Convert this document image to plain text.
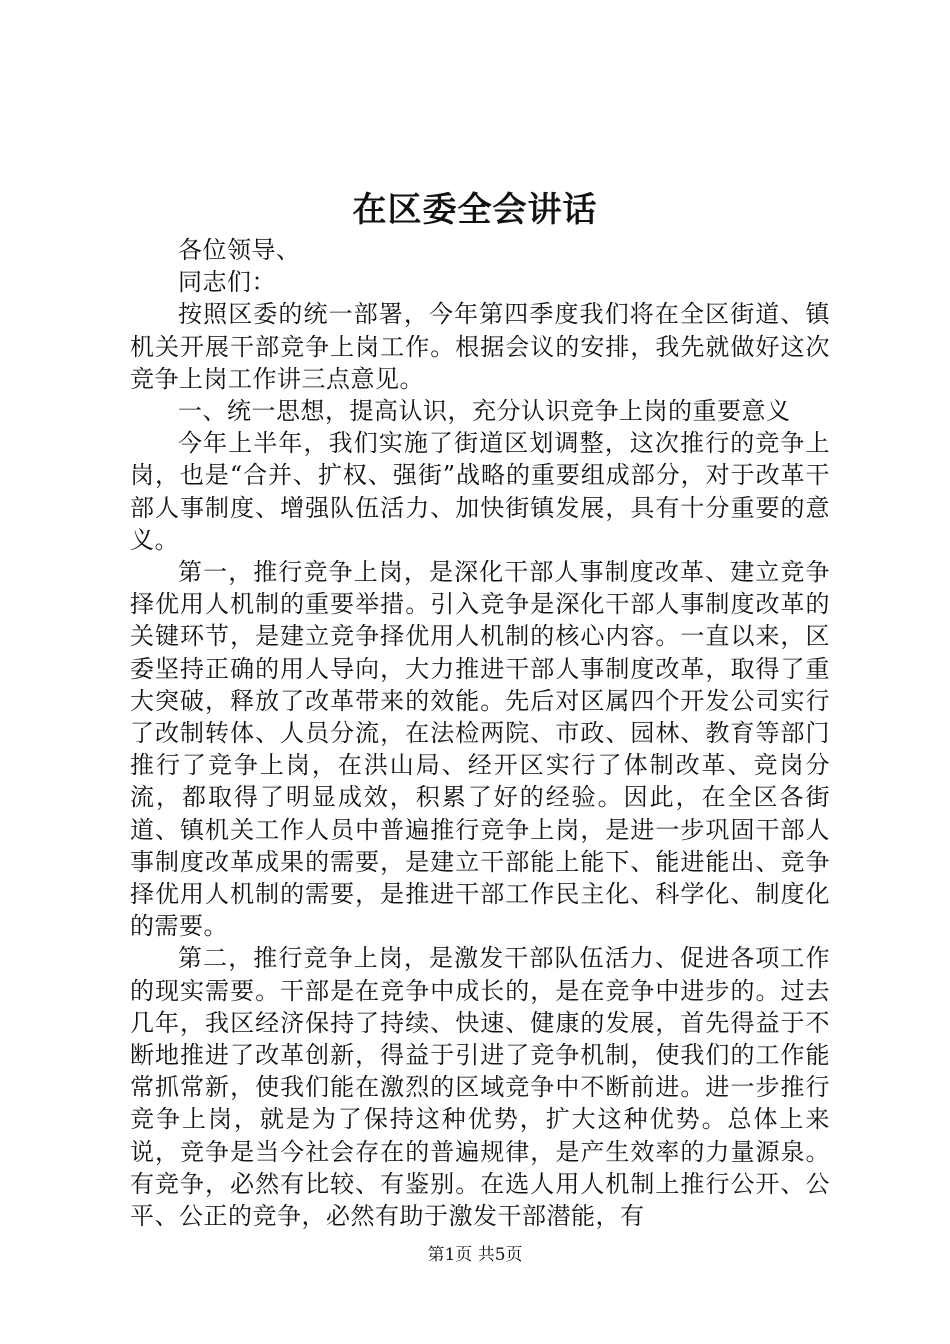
在区委全会讲话

各位领导、

同志们：

按照区委的统一部署，今年第四季度我们将在全区街道、镇机关开展干部竞争上岗工作。根据会议的安排，我先就做好这次竞争上岗工作讲三点意见。

一、统一思想，提高认识，充分认识竞争上岗的重要意义

今年上半年，我们实施了街道区划调整，这次推行的竞争上岗，也是“合并、扩权、强街”战略的重要组成部分，对于改革干部人事制度、增强队伍活力、加快街镇发展，具有十分重要的意义。

第一，推行竞争上岗，是深化干部人事制度改革、建立竞争择优用人机制的重要举措。引入竞争是深化干部人事制度改革的关键环节，是建立竞争择优用人机制的核心内容。一直以来，区委坚持正确的用人导向，大力推进干部人事制度改革，取得了重大突破，释放了改革带来的效能。先后对区属四个开发公司实行了改制转体、人员分流，在法检两院、市政、园林、教育等部门推行了竞争上岗，在洪山局、经开区实行了体制改革、竞岗分流，都取得了明显成效，积累了好的经验。因此，在全区各街道、镇机关工作人员中普遍推行竞争上岗，是进一步巩固干部人事制度改革成果的需要，是建立干部能上能下、能进能出、竞争择优用人机制的需要，是推进干部工作民主化、科学化、制度化的需要。

第二，推行竞争上岗，是激发干部队伍活力、促进各项工作的现实需要。干部是在竞争中成长的，是在竞争中进步的。过去几年，我区经济保持了持续、快速、健康的发展，首先得益于不断地推进了改革创新，得益于引进了竞争机制，使我们的工作能常抓常新，使我们能在激烈的区域竞争中不断前进。进一步推行竞争上岗，就是为了保持这种优势，扩大这种优势。总体上来说，竞争是当今社会存在的普遍规律，是产生效率的力量源泉。有竞争，必然有比较、有鉴别。在选人用人机制上推行公开、公平、公正的竞争，必然有助于激发干部潜能，有

第1页 共5页
